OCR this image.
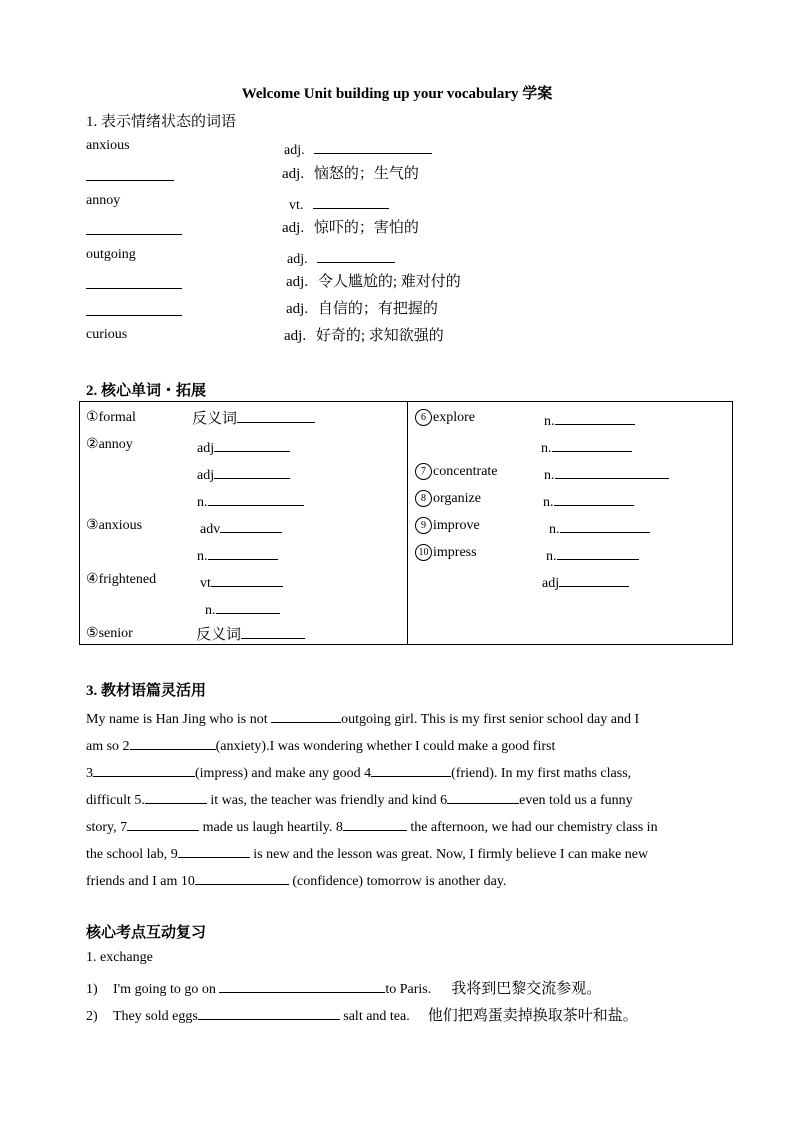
Welcome Unit building up your vocabulary 学案
1. 表示情绪状态的词语
anxious	adj.
adj. 恼怒的；生气的
annoy	vt.
adj. 惊吓的；害怕的
outgoing	adj.
adj. 令人尴尬的; 难对付的
adj. 自信的；有把握的
curious	adj. 好奇的; 求知欲强的
2. 核心单词・拓展
①formal	反义词
②annoy	adj
adj
n.
③anxious	adv
n.
④frightened	vt
n.
⑤senior	反义词
6 explore	n.
n.
7 concentrate	n.
8 organize	n.
9 improve	n.
10 impress	n.
adj
3. 教材语篇灵活用
My name is Han Jing who is not	outgoing girl. This is my first senior school day and I
am so 2	(anxiety).I was wondering whether I could make a good first
3	(impress) and make any good 4	(friend). In my first maths class,
difficult 5.	it was, the teacher was friendly and kind 6	even told us a funny
story, 7	made us laugh heartily. 8	the afternoon, we had our chemistry class in
the school lab, 9	is new and the lesson was great. Now, I firmly believe I can make new
friends and I am 10	(confidence) tomorrow is another day.
核心考点互动复习
1. exchange
1) I'm going to go on	to Paris. 我将到巴黎交流参观。
2) They sold eggs	salt and tea. 他们把鸡蛋卖掉换取茶叶和盐。
